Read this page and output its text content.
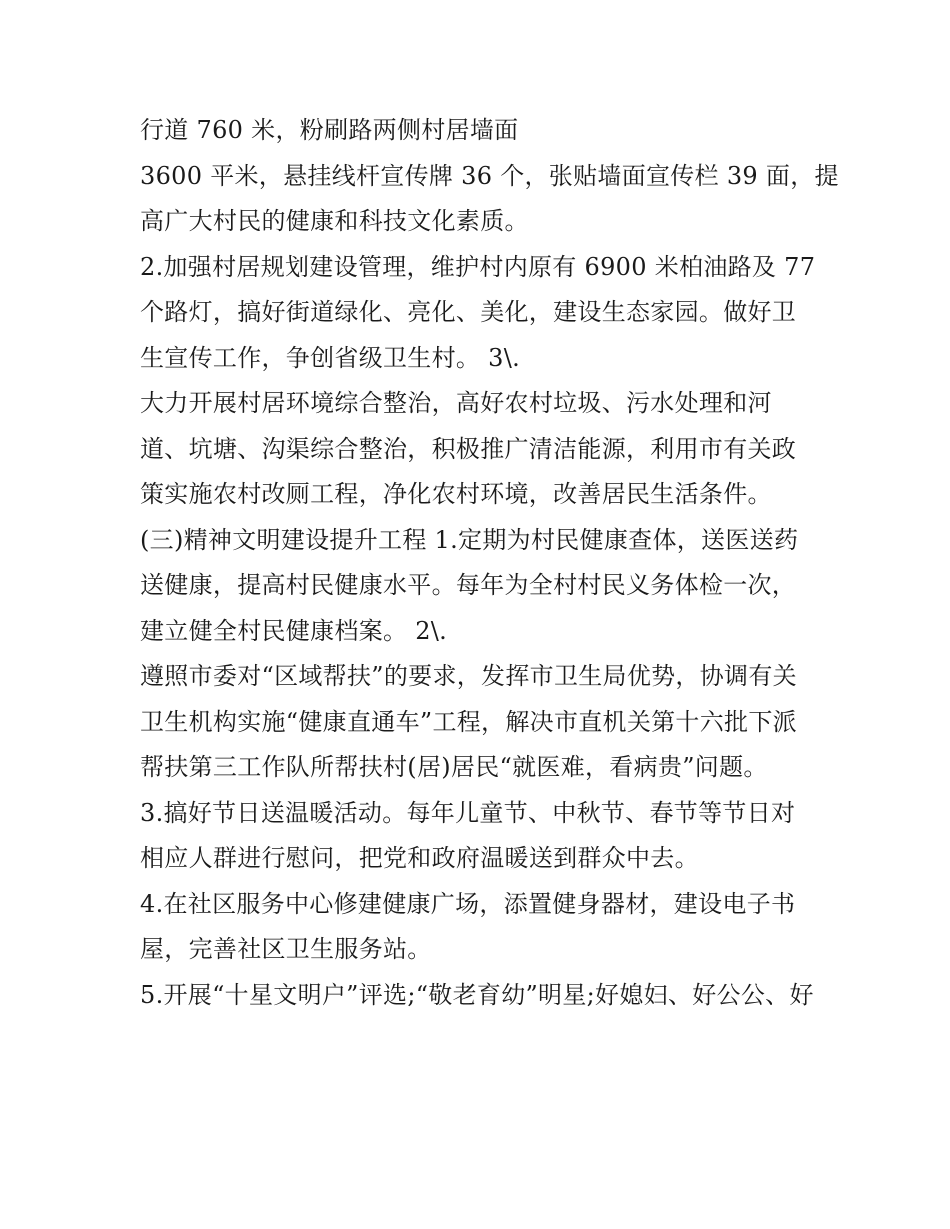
行道 760 米，粉刷路两侧村居墙面
3600 平米，悬挂线杆宣传牌 36 个，张贴墙面宣传栏 39 面，提
高广大村民的健康和科技文化素质。
2.加强村居规划建设管理，维护村内原有 6900 米柏油路及 77
个路灯，搞好街道绿化、亮化、美化，建设生态家园。做好卫
生宣传工作，争创省级卫生村。 3\.
大力开展村居环境综合整治，高好农村垃圾、污水处理和河
道、坑塘、沟渠综合整治，积极推广清洁能源，利用市有关政
策实施农村改厕工程，净化农村环境，改善居民生活条件。
(三)精神文明建设提升工程 1.定期为村民健康查体，送医送药
送健康，提高村民健康水平。每年为全村村民义务体检一次，
建立健全村民健康档案。 2\.
遵照市委对“区域帮扶”的要求，发挥市卫生局优势，协调有关
卫生机构实施“健康直通车”工程，解决市直机关第十六批下派
帮扶第三工作队所帮扶村(居)居民“就医难，看病贵”问题。
3.搞好节日送温暖活动。每年儿童节、中秋节、春节等节日对
相应人群进行慰问，把党和政府温暖送到群众中去。
4.在社区服务中心修建健康广场，添置健身器材，建设电子书
屋，完善社区卫生服务站。
5.开展“十星文明户”评选;“敬老育幼”明星;好媳妇、好公公、好
